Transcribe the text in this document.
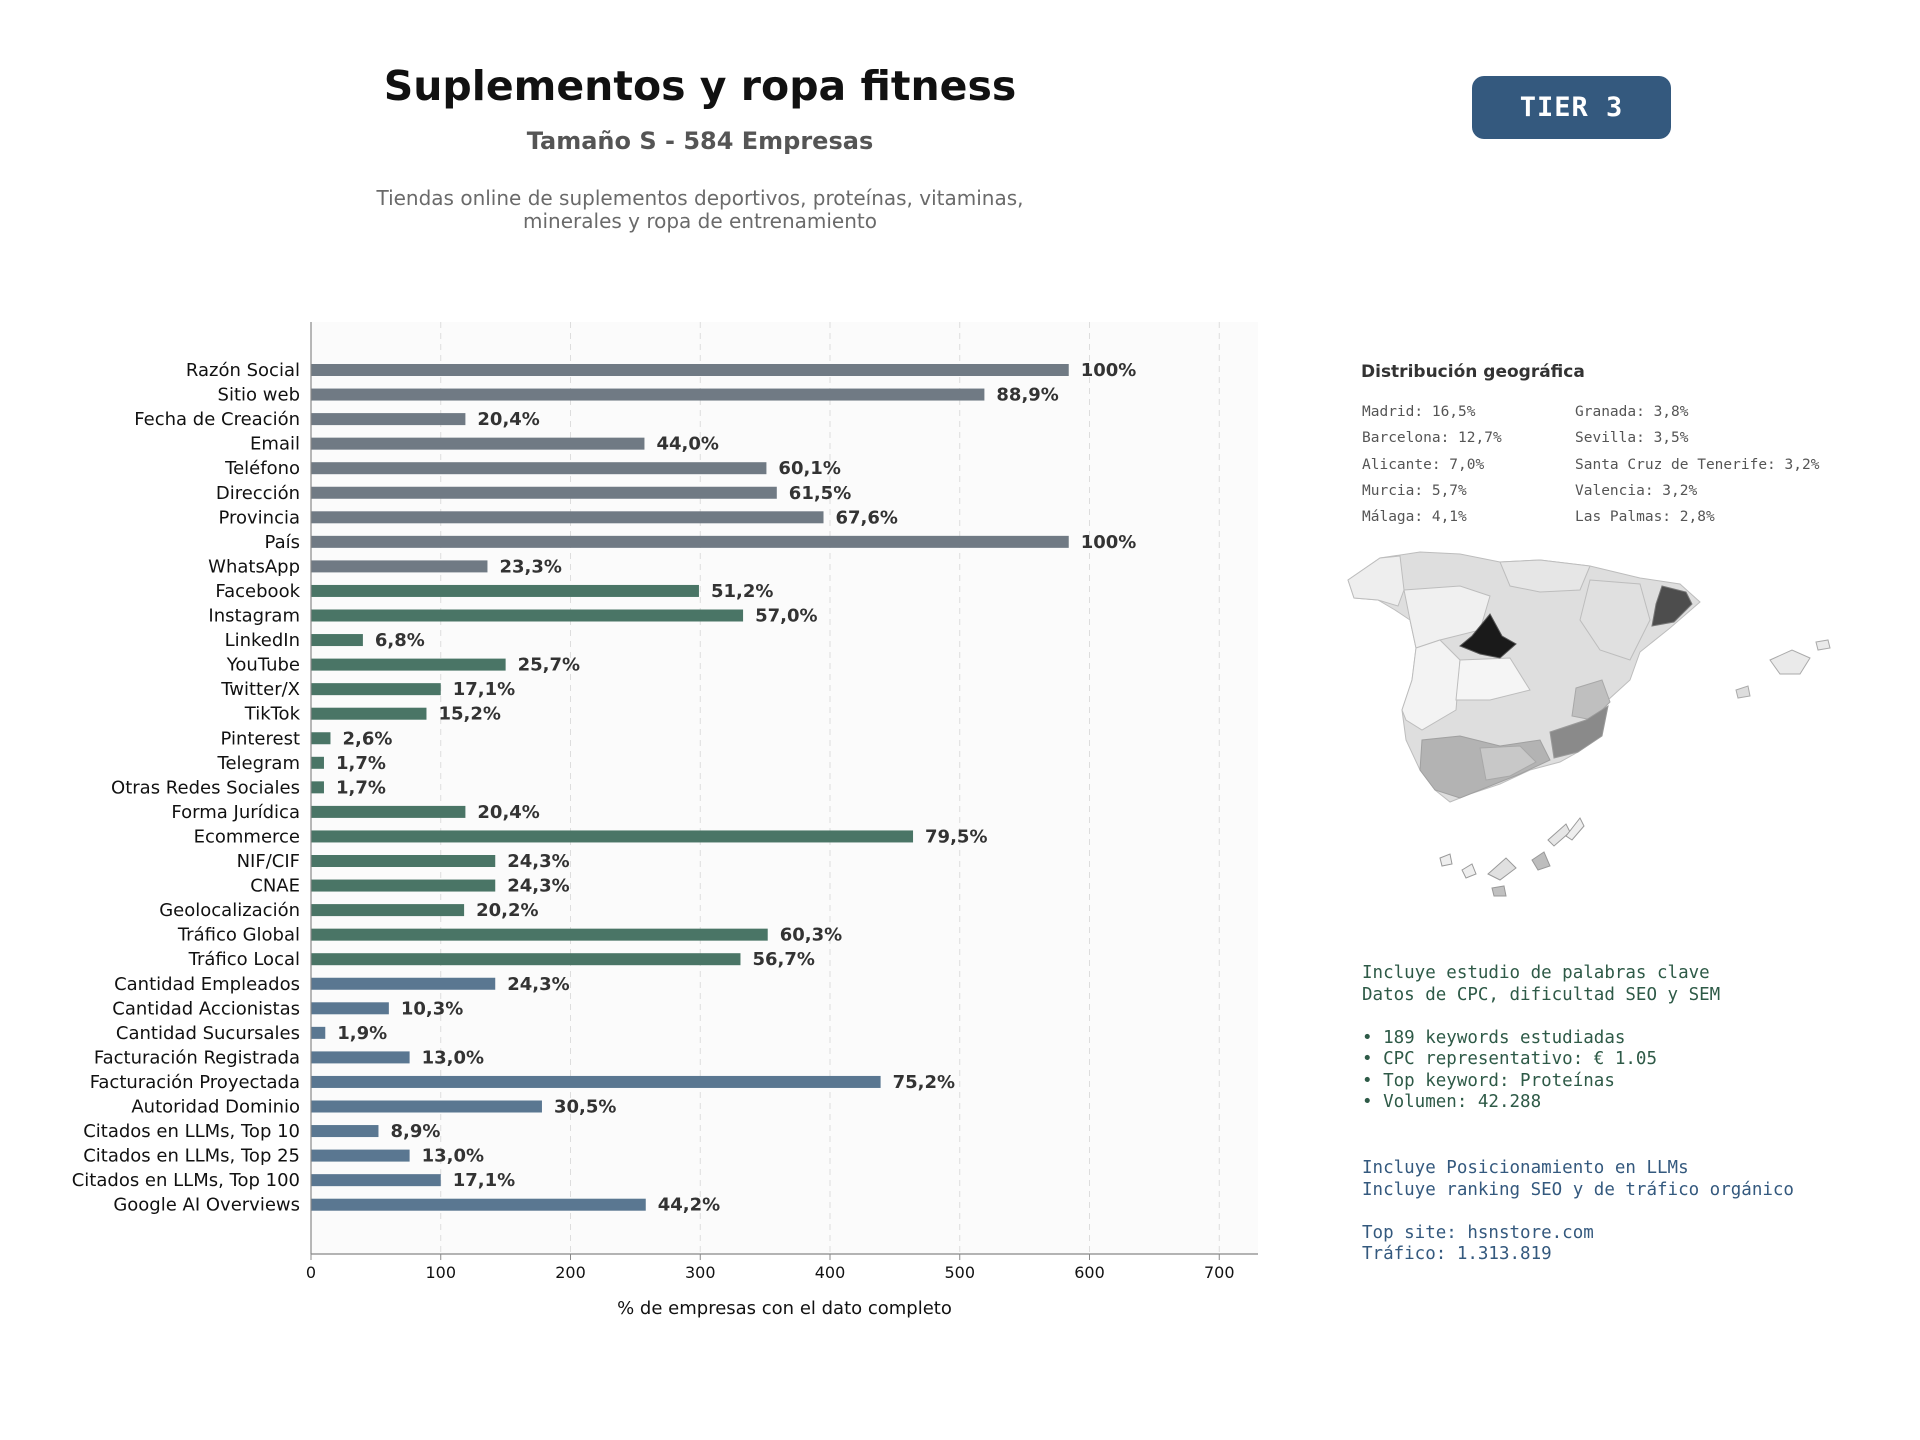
Suplementos y ropa fitness
Tamaño S - 584 Empresas
Tiendas online de suplementos deportivos, proteínas, vitaminas,
minerales y ropa de entrenamiento
TIER 3
Razón Social	100%
Sitio web	88,9%
Fecha de Creación	20,4%
Email	44,0%
Teléfono	60,1%
Dirección	61,5%
Provincia	67,6%
País	100%
WhatsApp	23,3%
Facebook	51,2%
Instagram	57,0%
LinkedIn	6,8%
YouTube	25,7%
Twitter/X	17,1%
TikTok	15,2%
Pinterest 2,6%
Telegram 1,7%
Otras Redes Sociales 1,7%
Forma Jurídica	20,4%
Ecommerce	79,5%
NIF/CIF	24,3%
CNAE	24,3%
Geolocalización	20,2%
Tráfico Global	60,3%
Tráfico Local	56,7%
Cantidad Empleados	24,3%
Cantidad Accionistas	10,3%
Cantidad Sucursales 1,9%
Facturación Registrada	13,0%
Facturación Proyectada	75,2%
Autoridad Dominio	30,5%
Citados en LLMs, Top 10	8,9%
Citados en LLMs, Top 25	13,0%
Citados en LLMs, Top 100	17,1%
Google AI Overviews	44,2%
0	100	200	300	400	500	600	700
% de empresas con el dato completo
Distribución geográfica
Madrid: 16,5%
Barcelona: 12,7%
Alicante: 7,0%
Murcia: 5,7%
Málaga: 4,1%
Granada: 3,8%
Sevilla: 3,5%
Santa Cruz de Tenerife: 3,2%
Valencia: 3,2%
Las Palmas: 2,8%
Incluye estudio de palabras clave
Datos de CPC, dificultad SEO y SEM
• 189 keywords estudiadas
• CPC representativo: € 1.05
• Top keyword: Proteínas
• Volumen: 42.288
Incluye Posicionamiento en LLMs
Incluye ranking SEO y de tráfico orgánico
Top site: hsnstore.com
Tráfico: 1.313.819
